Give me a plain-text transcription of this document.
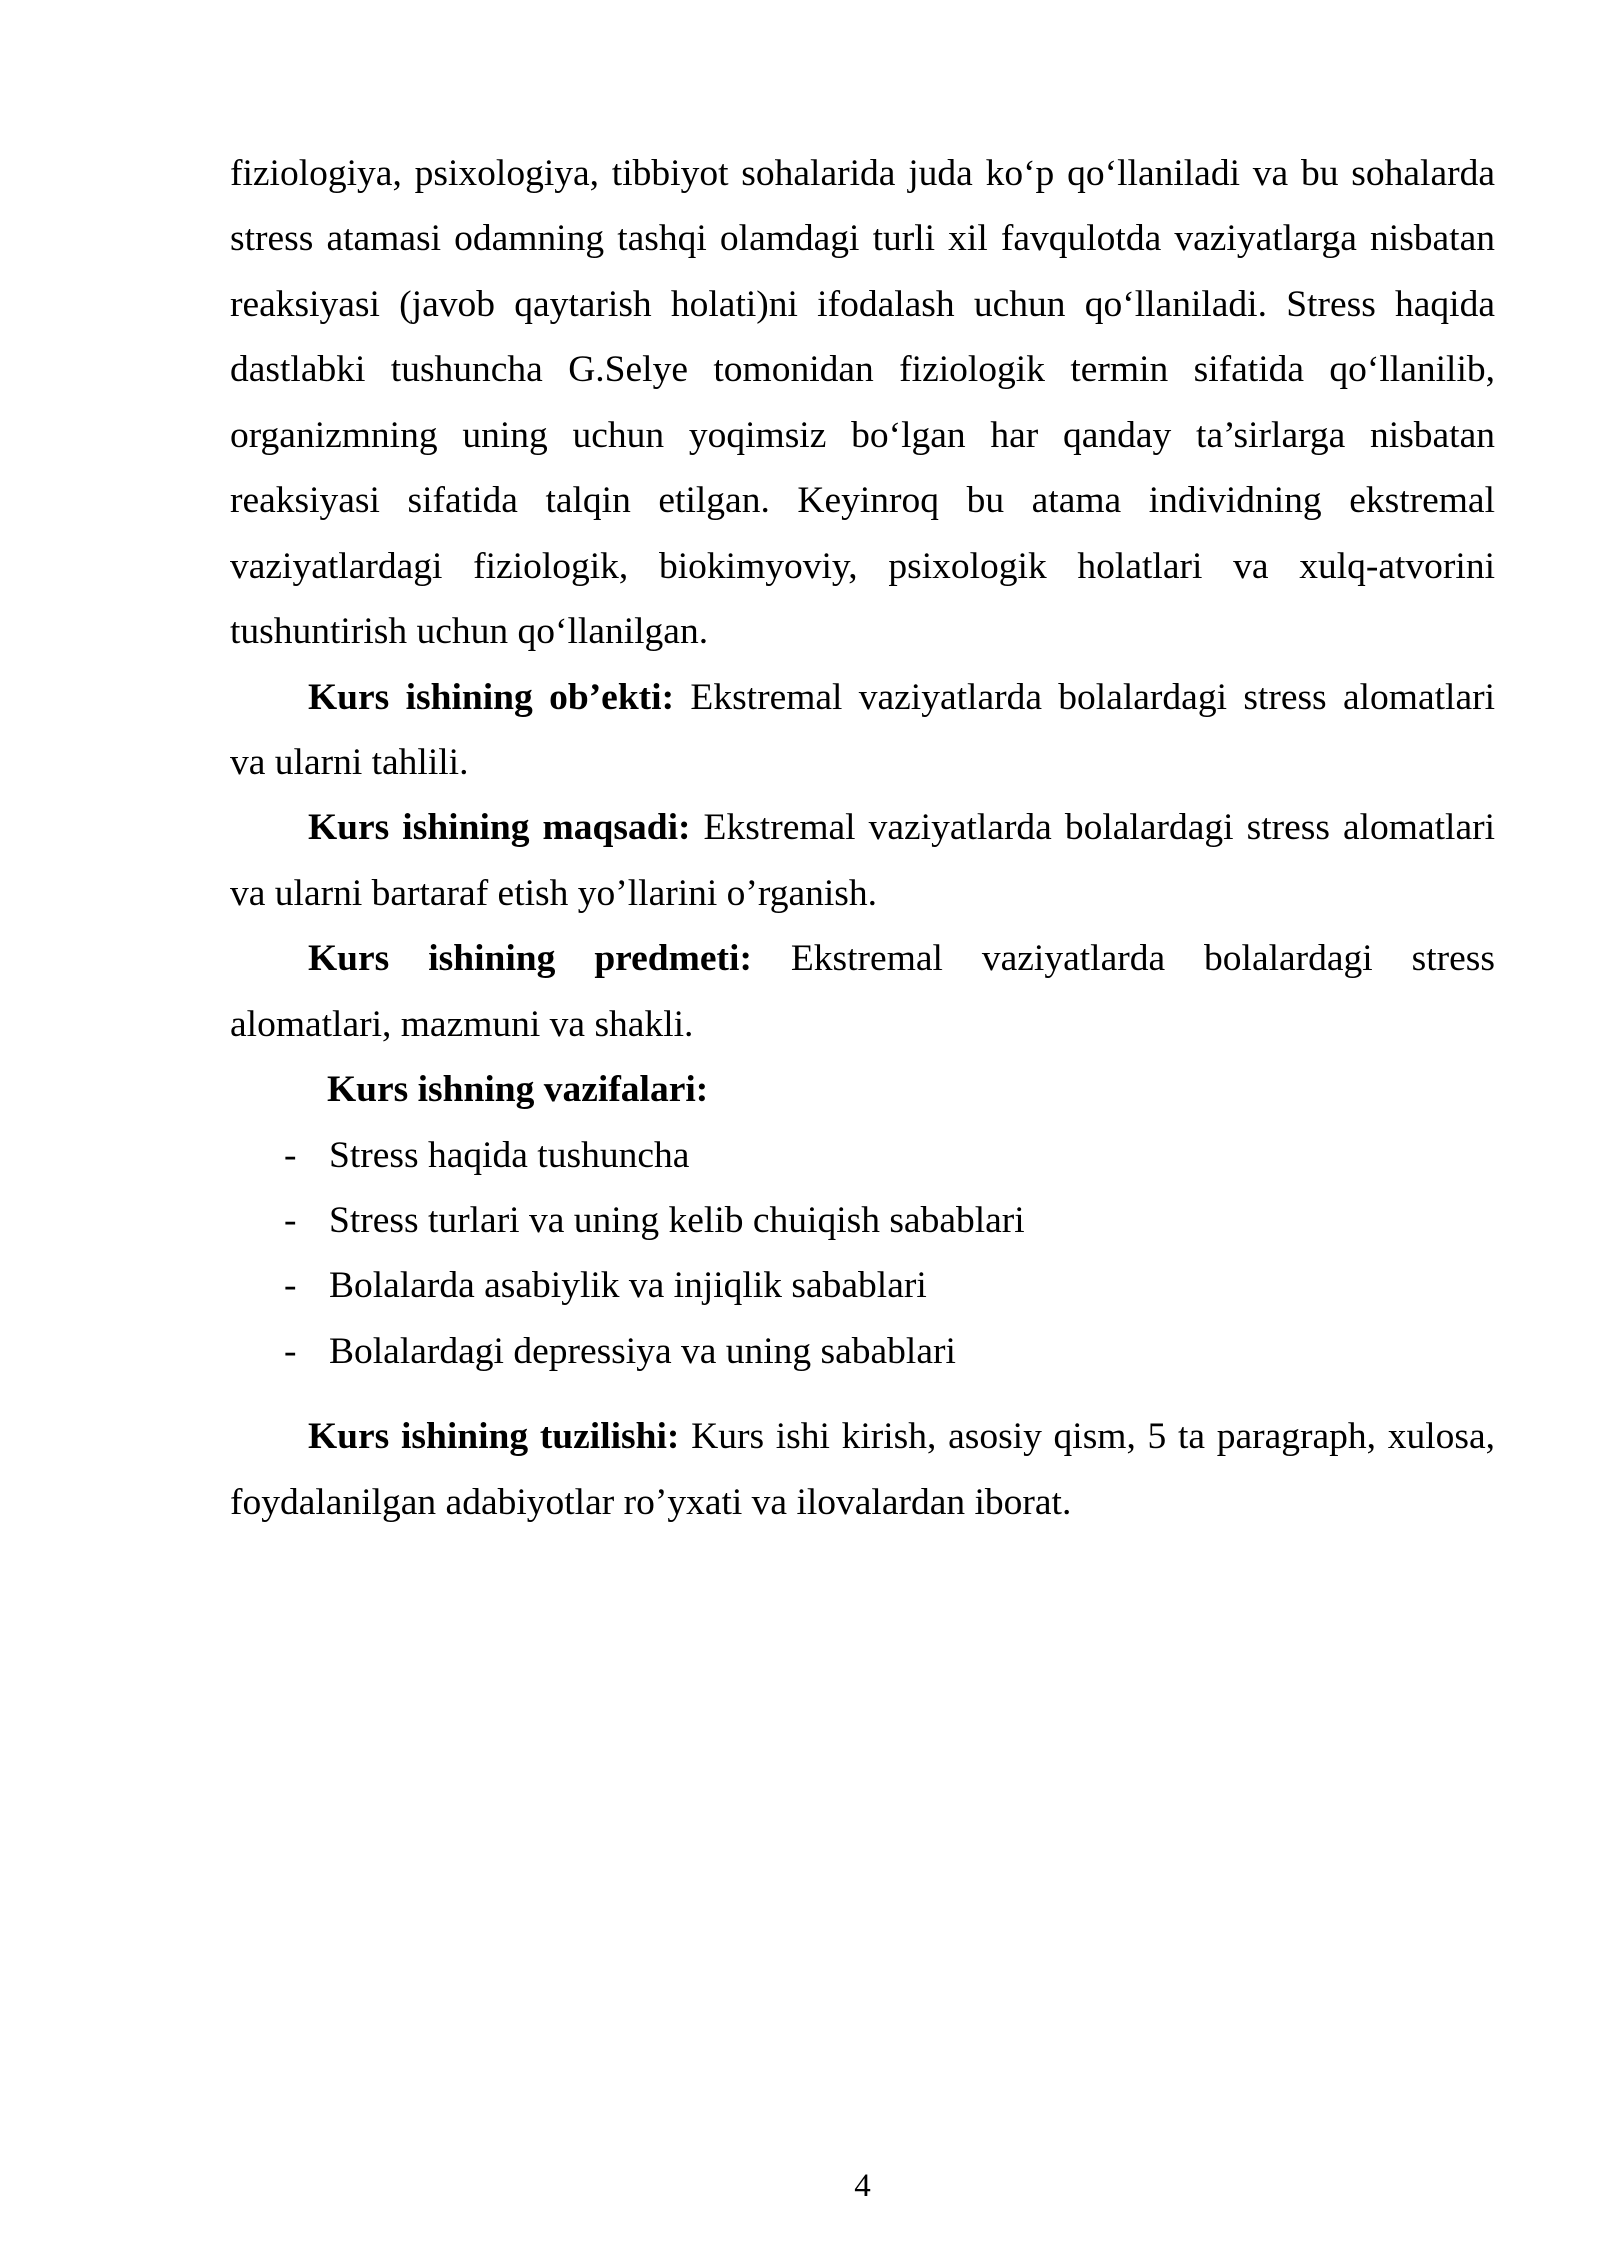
fiziologiya, psixologiya, tibbiyot sohalarida juda ko‘p qo‘llaniladi va bu sohalarda
stress atamasi odamning tashqi olamdagi turli xil favqulotda vaziyatlarga nisbatan
reaksiyasi (javob qaytarish holati)ni ifodalash uchun qo‘llaniladi. Stress haqida
dastlabki tushuncha G.Selye tomonidan fiziologik termin sifatida qo‘llanilib,
organizmning uning uchun yoqimsiz bo‘lgan har qanday ta’sirlarga nisbatan
reaksiyasi sifatida talqin etilgan. Keyinroq bu atama individning ekstremal
vaziyatlardagi fiziologik, biokimyoviy, psixologik holatlari va xulq-atvorini
tushuntirish uchun qo‘llanilgan.
Kurs ishining ob’ekti: Ekstremal vaziyatlarda bolalardagi stress alomatlari
va ularni tahlili.
Kurs ishining maqsadi: Ekstremal vaziyatlarda bolalardagi stress alomatlari
va ularni bartaraf etish yo’llarini o’rganish.
Kurs ishining predmeti: Ekstremal vaziyatlarda bolalardagi stress
alomatlari, mazmuni va shakli.
Kurs ishning vazifalari:
- Stress haqida tushuncha
- Stress turlari va uning kelib chuiqish sabablari
- Bolalarda asabiylik va injiqlik sabablari
- Bolalardagi depressiya va uning sabablari
Kurs ishining tuzilishi: Kurs ishi kirish, asosiy qism, 5 ta paragraph, xulosa,
foydalanilgan adabiyotlar ro’yxati va ilovalardan iborat.
4
